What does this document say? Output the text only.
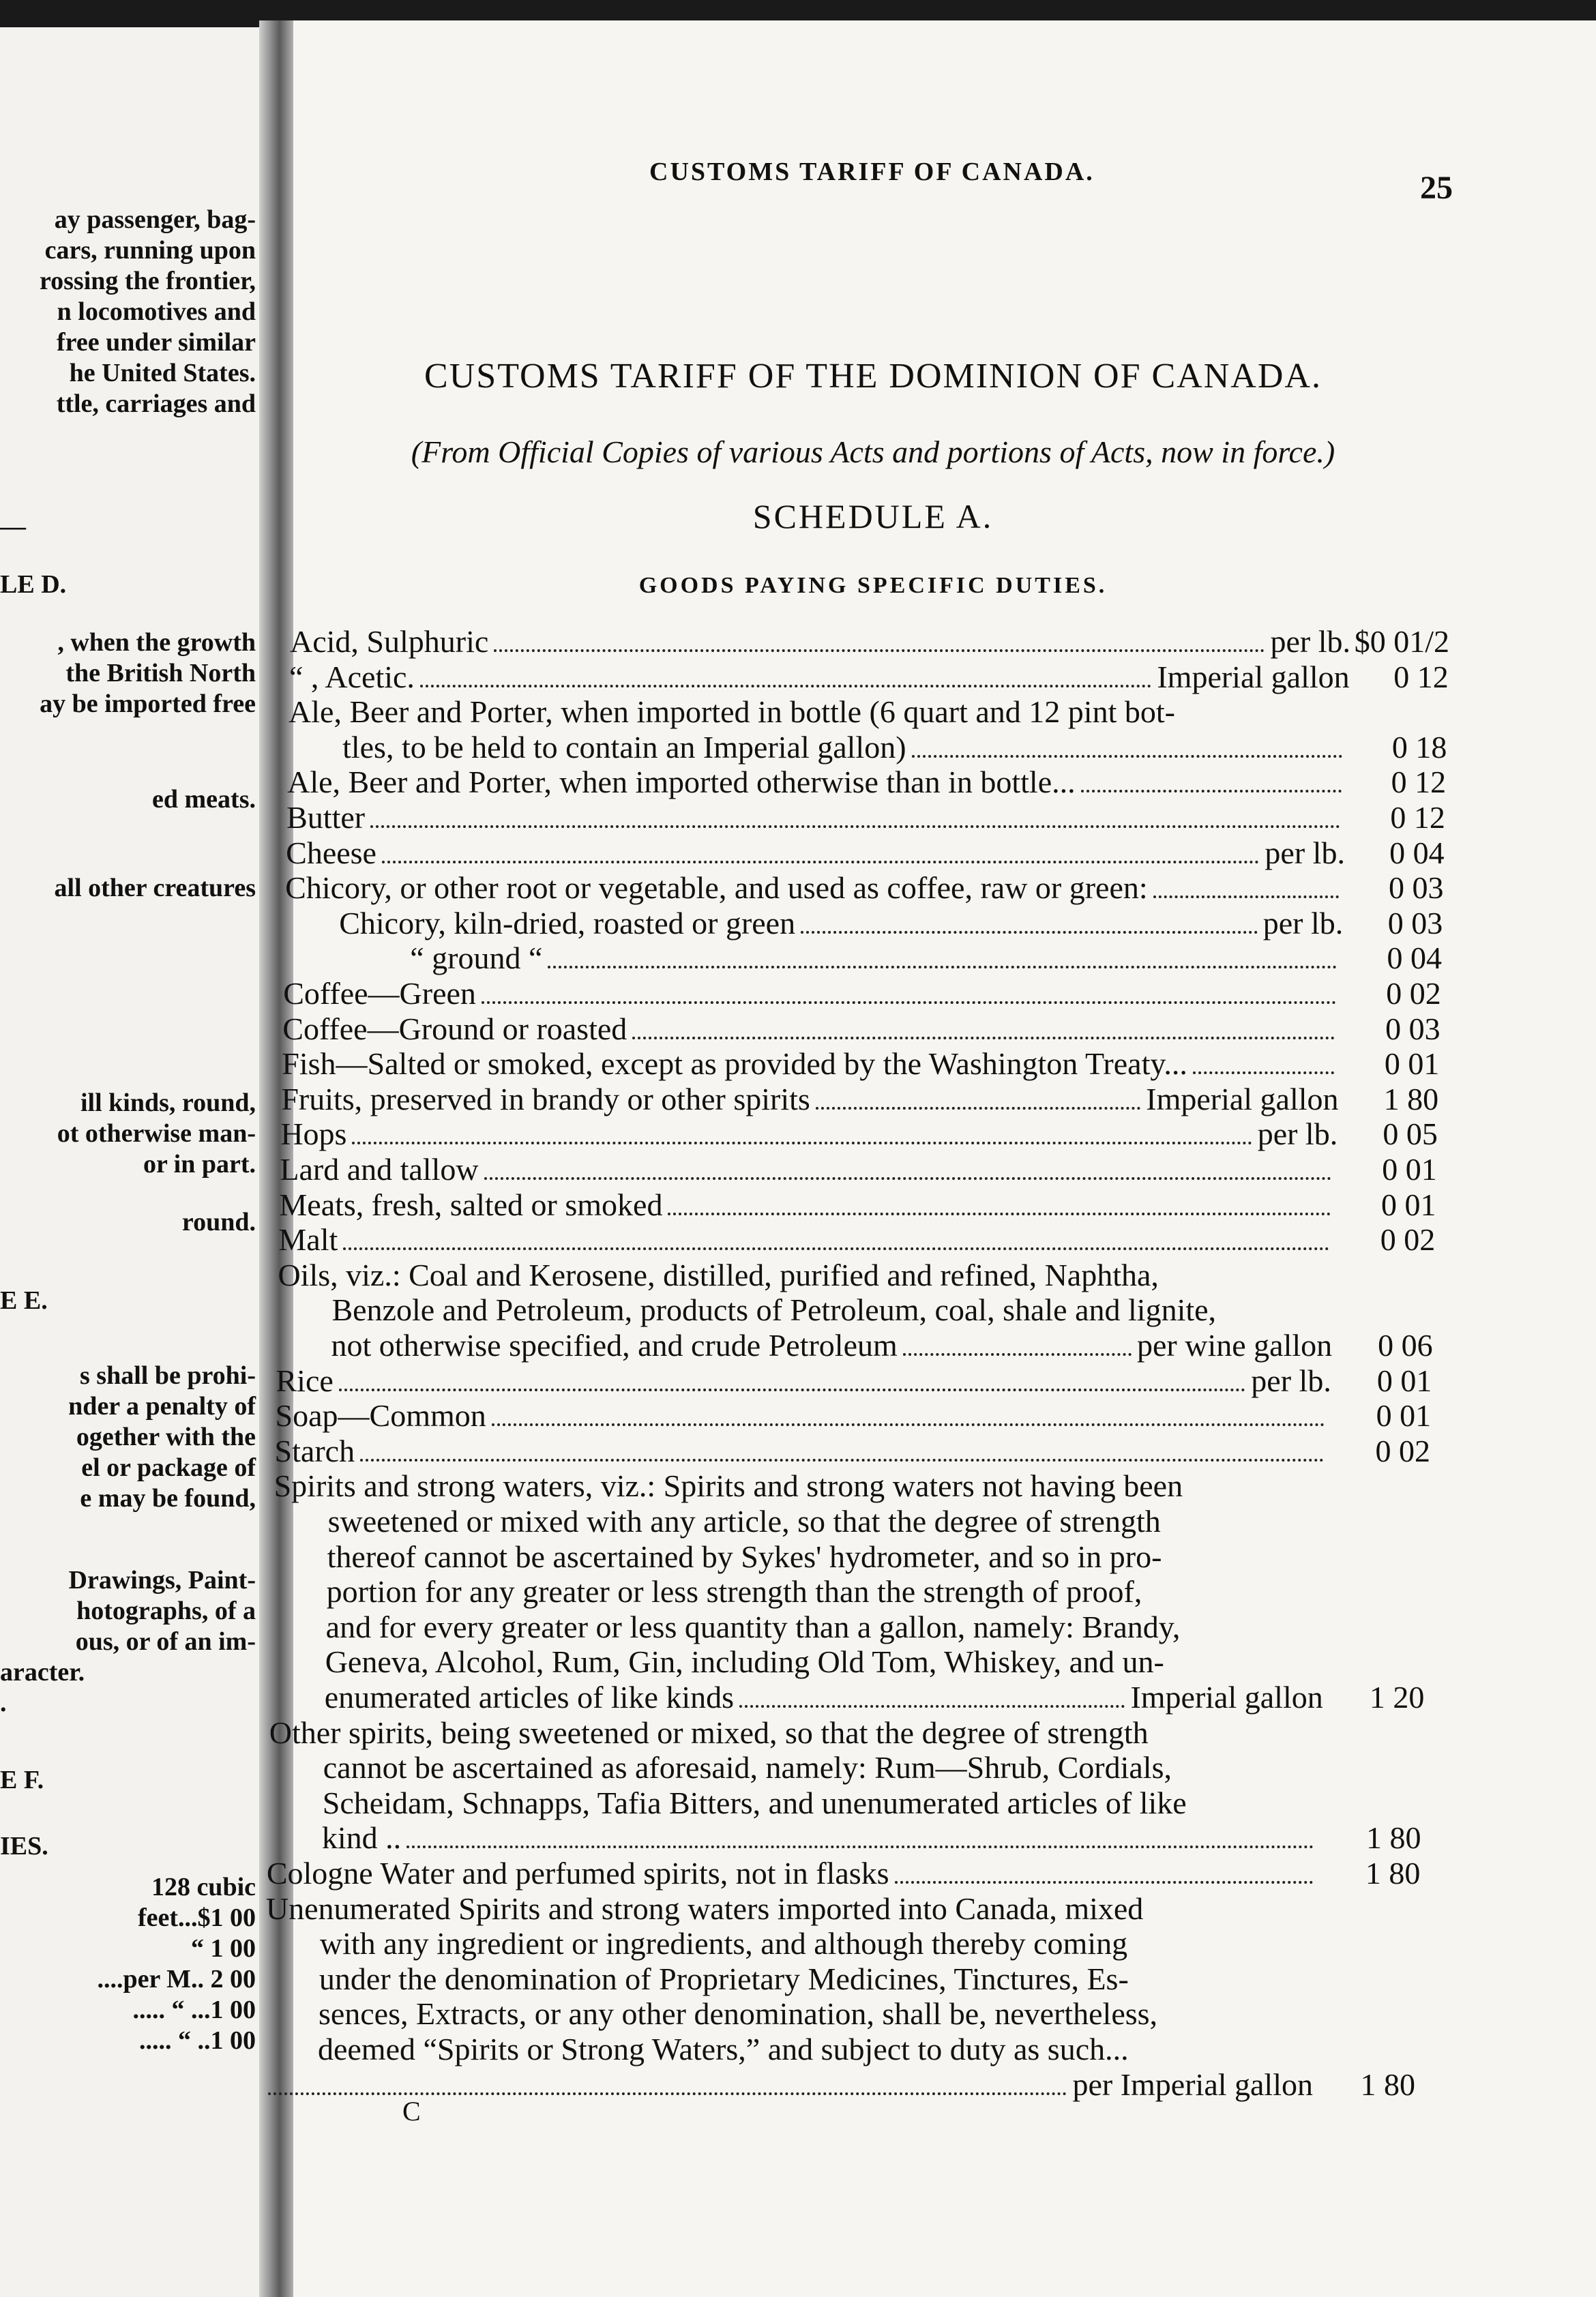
ay passenger, bag-
cars, running upon
rossing the frontier,
n locomotives and
free under similar
he United States.
ttle, carriages and
—
LE D.
, when the growth
the British North
ay be imported free
ed meats.
all other creatures
ill kinds, round,
ot otherwise man-
or in part.
round.
E E.
s shall be prohi-
nder a penalty of
ogether with the
el or package of
e may be found,
Drawings, Paint-
hotographs, of a
ous, or of an im-
aracter.
.
E F.
IES.
128 cubic
feet...$1 00
“ 1 00
....per M.. 2 00
..... “ ...1 00
..... “ ..1 00
CUSTOMS TARIFF OF CANADA.	25
CUSTOMS TARIFF OF THE DOMINION OF CANADA.
(From Official Copies of various Acts and portions of Acts, now in force.)
SCHEDULE A.
GOODS PAYING SPECIFIC DUTIES.
Acid, Sulphuric	per lb. $0 01/2
“ , Acetic.	Imperial gallon	0 12
Ale, Beer and Porter, when imported in bottle (6 quart and 12 pint bot-
tles, to be held to contain an Imperial gallon)	0 18
Ale, Beer and Porter, when imported otherwise than in bottle...	0 12
Butter	0 12
Cheese	per lb.	0 04
Chicory, or other root or vegetable, and used as coffee, raw or green:	0 03
Chicory, kiln-dried, roasted or green	per lb.	0 03
“ ground “	0 04
Coffee—Green	0 02
Coffee—Ground or roasted	0 03
Fish—Salted or smoked, except as provided by the Washington Treaty...	0 01
Fruits, preserved in brandy or other spirits	Imperial gallon	1 80
Hops	per lb.	0 05
Lard and tallow	0 01
Meats, fresh, salted or smoked	0 01
Malt	0 02
Oils, viz.: Coal and Kerosene, distilled, purified and refined, Naphtha,
Benzole and Petroleum, products of Petroleum, coal, shale and lignite,
not otherwise specified, and crude Petroleum	per wine gallon	0 06
Rice	per lb.	0 01
Soap—Common	0 01
Starch	0 02
Spirits and strong waters, viz.: Spirits and strong waters not having been
sweetened or mixed with any article, so that the degree of strength
thereof cannot be ascertained by Sykes' hydrometer, and so in pro-
portion for any greater or less strength than the strength of proof,
and for every greater or less quantity than a gallon, namely: Brandy,
Geneva, Alcohol, Rum, Gin, including Old Tom, Whiskey, and un-
enumerated articles of like kinds	Imperial gallon	1 20
Other spirits, being sweetened or mixed, so that the degree of strength
cannot be ascertained as aforesaid, namely: Rum—Shrub, Cordials,
Scheidam, Schnapps, Tafia Bitters, and unenumerated articles of like
kind ..	1 80
Cologne Water and perfumed spirits, not in flasks	1 80
Unenumerated Spirits and strong waters imported into Canada, mixed
with any ingredient or ingredients, and although thereby coming
under the denomination of Proprietary Medicines, Tinctures, Es-
sences, Extracts, or any other denomination, shall be, nevertheless,
deemed “Spirits or Strong Waters,” and subject to duty as such...
per Imperial gallon	1 80
C
